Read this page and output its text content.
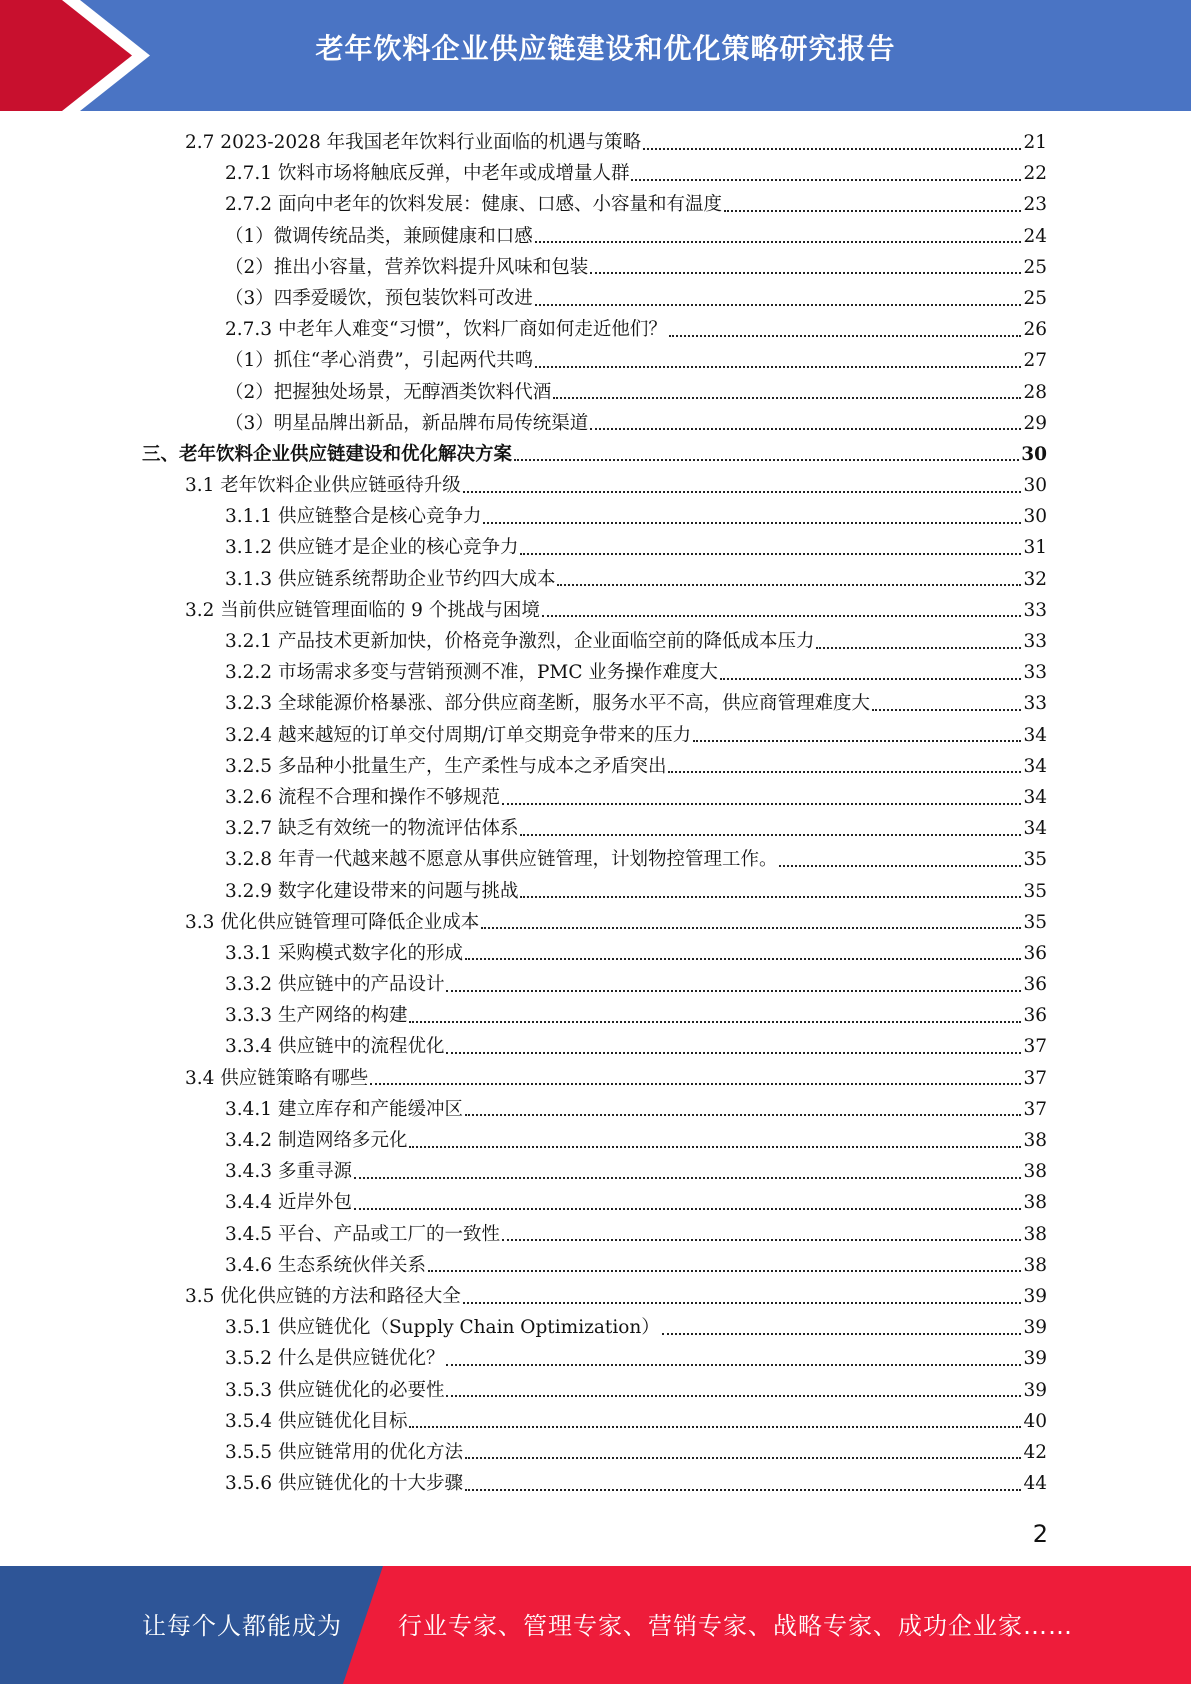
老年饮料企业供应链建设和优化策略研究报告
2.7 2023-2028 年我国老年饮料行业面临的机遇与策略	21
2.7.1 饮料市场将触底反弹，中老年或成增量人群	22
2.7.2 面向中老年的饮料发展：健康、口感、小容量和有温度	23
（1）微调传统品类，兼顾健康和口感	24
（2）推出小容量，营养饮料提升风味和包装	25
（3）四季爱暖饮，预包装饮料可改进	25
2.7.3 中老年人难变“习惯”，饮料厂商如何走近他们？	26
（1）抓住“孝心消费”，引起两代共鸣	27
（2）把握独处场景，无醇酒类饮料代酒	28
（3）明星品牌出新品，新品牌布局传统渠道	29
三、老年饮料企业供应链建设和优化解决方案	30
3.1 老年饮料企业供应链亟待升级	30
3.1.1 供应链整合是核心竞争力	30
3.1.2 供应链才是企业的核心竞争力	31
3.1.3 供应链系统帮助企业节约四大成本	32
3.2 当前供应链管理面临的 9 个挑战与困境	33
3.2.1 产品技术更新加快，价格竞争激烈，企业面临空前的降低成本压力	33
3.2.2 市场需求多变与营销预测不准，PMC 业务操作难度大	33
3.2.3 全球能源价格暴涨、部分供应商垄断，服务水平不高，供应商管理难度大	33
3.2.4 越来越短的订单交付周期/订单交期竞争带来的压力	34
3.2.5 多品种小批量生产，生产柔性与成本之矛盾突出	34
3.2.6 流程不合理和操作不够规范	34
3.2.7 缺乏有效统一的物流评估体系	34
3.2.8 年青一代越来越不愿意从事供应链管理，计划物控管理工作。	35
3.2.9 数字化建设带来的问题与挑战	35
3.3 优化供应链管理可降低企业成本	35
3.3.1 采购模式数字化的形成	36
3.3.2 供应链中的产品设计	36
3.3.3 生产网络的构建	36
3.3.4 供应链中的流程优化	37
3.4 供应链策略有哪些	37
3.4.1 建立库存和产能缓冲区	37
3.4.2 制造网络多元化	38
3.4.3 多重寻源	38
3.4.4 近岸外包	38
3.4.5 平台、产品或工厂的一致性	38
3.4.6 生态系统伙伴关系	38
3.5 优化供应链的方法和路径大全	39
3.5.1 供应链优化（Supply Chain Optimization）	39
3.5.2 什么是供应链优化？	39
3.5.3 供应链优化的必要性	39
3.5.4 供应链优化目标	40
3.5.5 供应链常用的优化方法	42
3.5.6 供应链优化的十大步骤	44
2
让每个人都能成为 行业专家、管理专家、营销专家、战略专家、成功企业家……
